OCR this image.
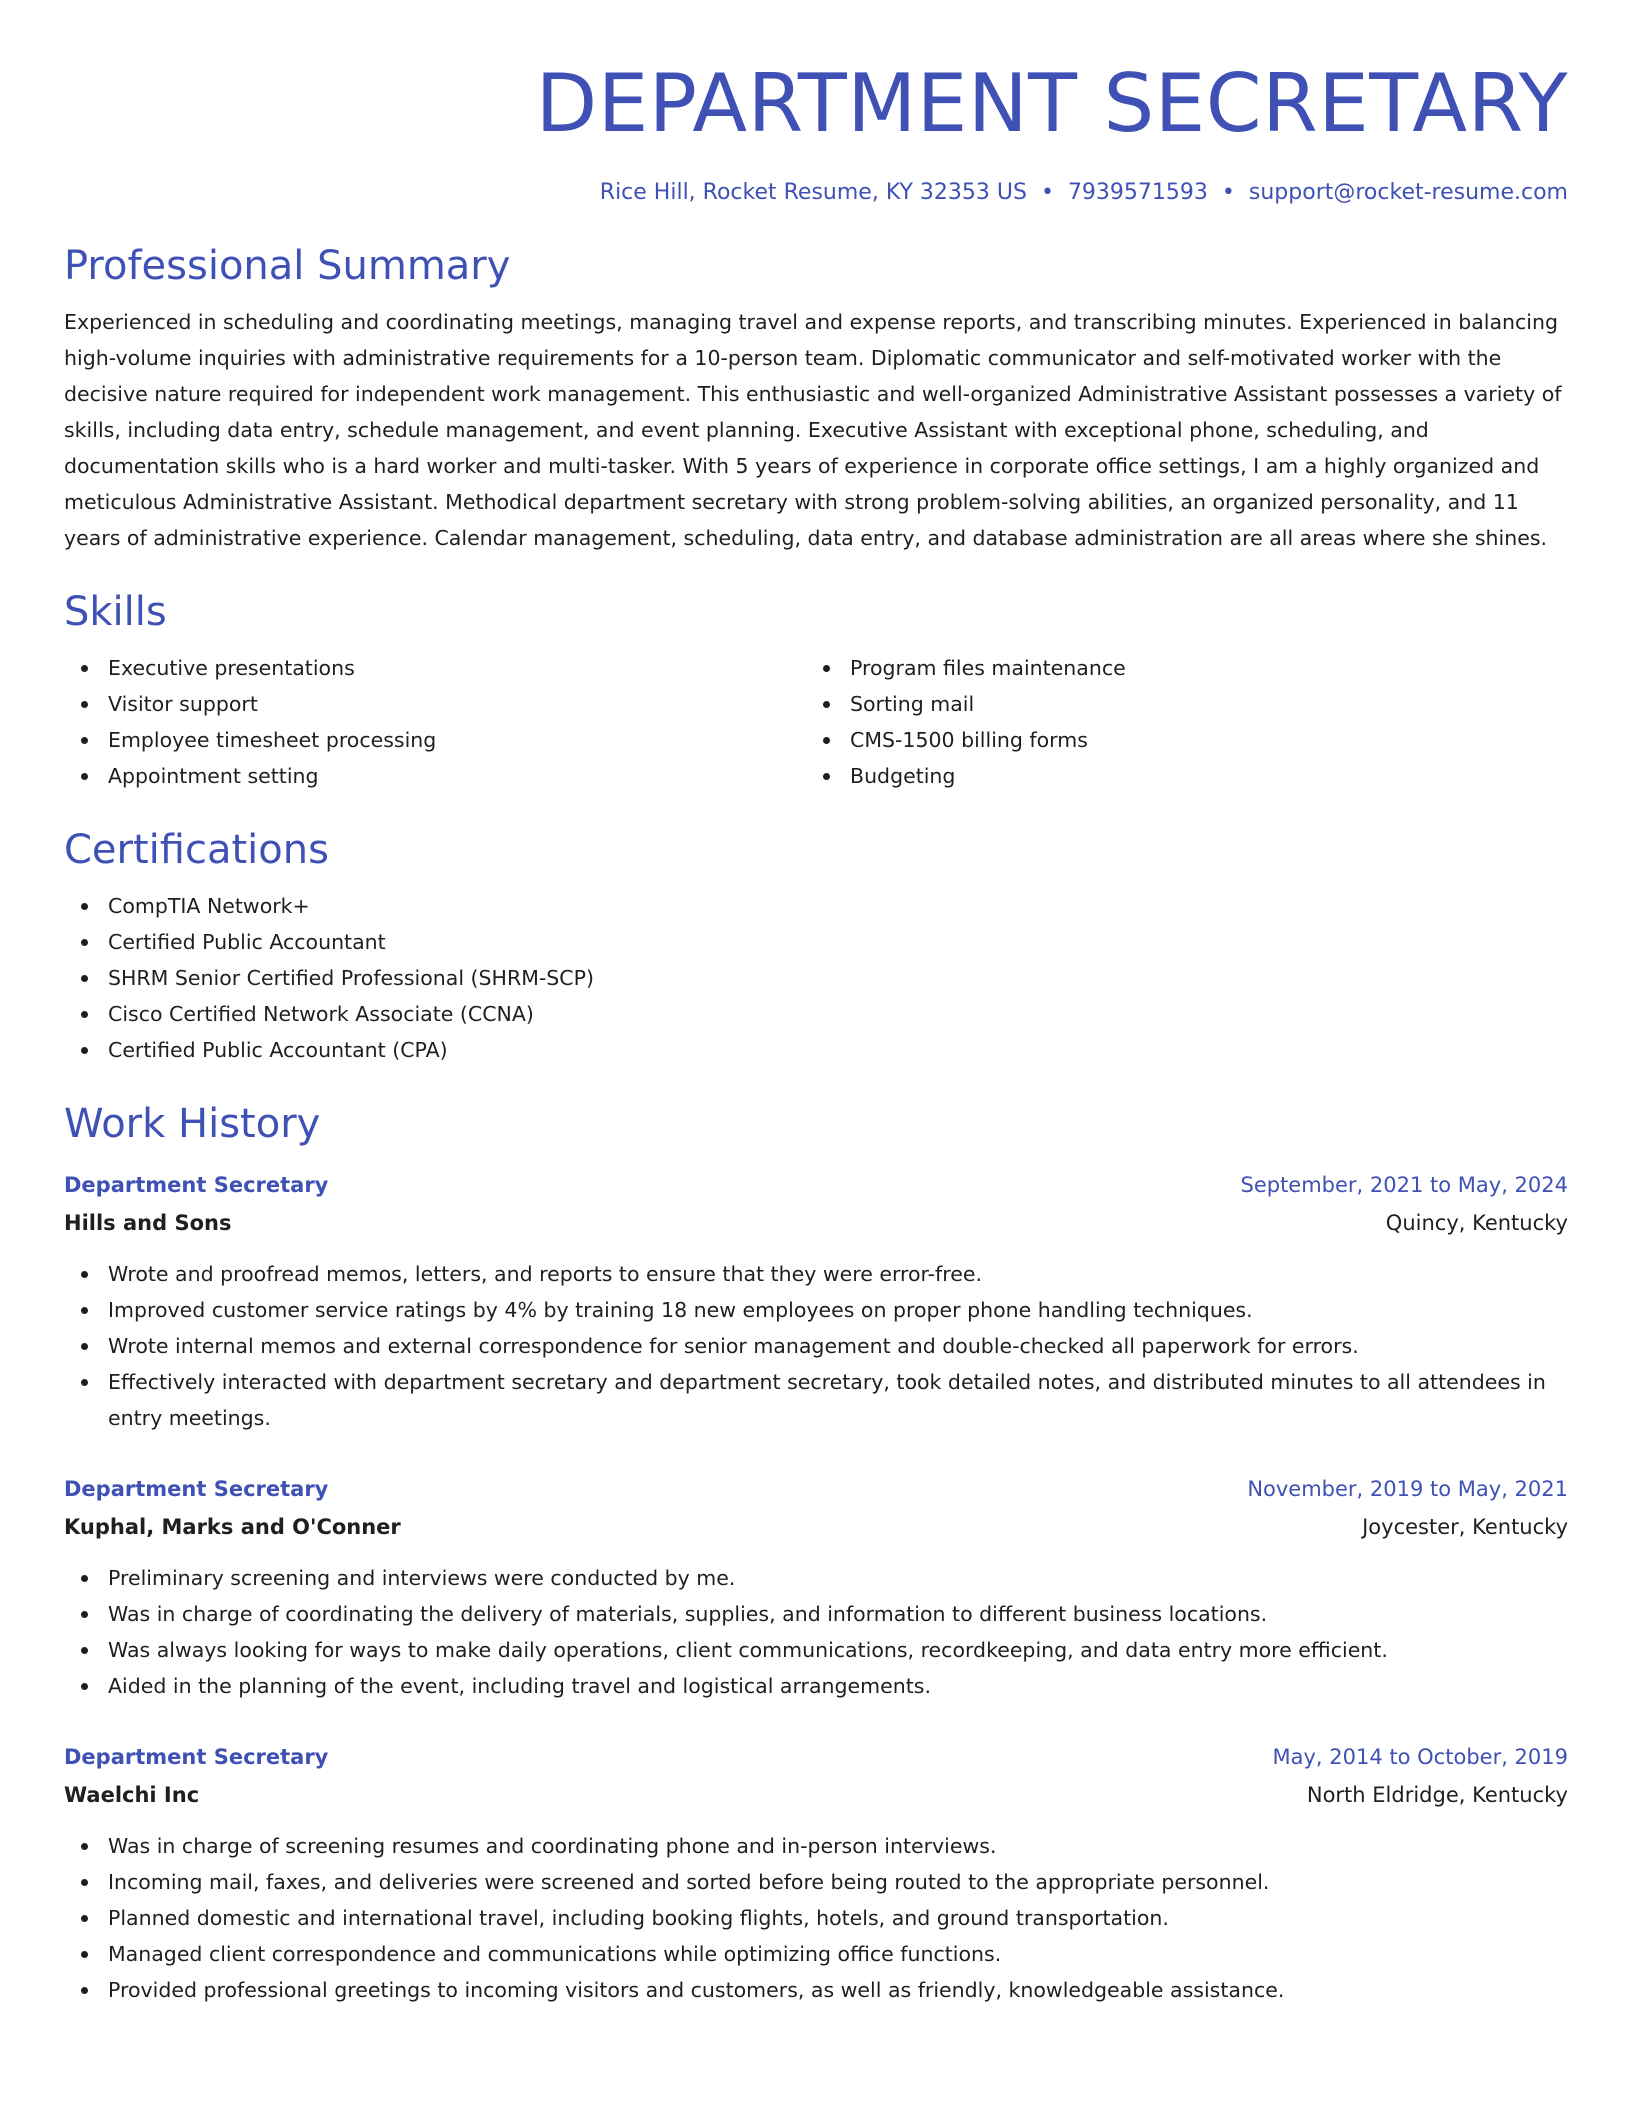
DEPARTMENT SECRETARY
Rice Hill, Rocket Resume, KY 32353 US • 7939571593 • support@rocket-resume.com
Professional Summary

Experienced in scheduling and coordinating meetings, managing travel and expense reports, and transcribing minutes. Experienced in balancing high-volume inquiries with administrative requirements for a 10-person team. Diplomatic communicator and self-motivated worker with the decisive nature required for independent work management. This enthusiastic and well-organized Administrative Assistant possesses a variety of skills, including data entry, schedule management, and event planning. Executive Assistant with exceptional phone, scheduling, and documentation skills who is a hard worker and multi-tasker. With 5 years of experience in corporate office settings, I am a highly organized and meticulous Administrative Assistant. Methodical department secretary with strong problem-solving abilities, an organized personality, and 11 years of administrative experience. Calendar management, scheduling, data entry, and database administration are all areas where she shines.

Skills
Executive presentations
Visitor support
Employee timesheet processing
Appointment setting
Program files maintenance
Sorting mail
CMS-1500 billing forms
Budgeting
Certifications
CompTIA Network+
Certified Public Accountant
SHRM Senior Certified Professional (SHRM-SCP)
Cisco Certified Network Associate (CCNA)
Certified Public Accountant (CPA)
Work History
Department Secretary	September, 2021 to May, 2024
Hills and Sons	Quincy, Kentucky
Wrote and proofread memos, letters, and reports to ensure that they were error-free.
Improved customer service ratings by 4% by training 18 new employees on proper phone handling techniques.
Wrote internal memos and external correspondence for senior management and double-checked all paperwork for errors.
Effectively interacted with department secretary and department secretary, took detailed notes, and distributed minutes to all attendees in entry meetings.
Department Secretary	November, 2019 to May, 2021
Kuphal, Marks and O'Conner	Joycester, Kentucky
Preliminary screening and interviews were conducted by me.
Was in charge of coordinating the delivery of materials, supplies, and information to different business locations.
Was always looking for ways to make daily operations, client communications, recordkeeping, and data entry more efficient.
Aided in the planning of the event, including travel and logistical arrangements.
Department Secretary	May, 2014 to October, 2019
Waelchi Inc	North Eldridge, Kentucky
Was in charge of screening resumes and coordinating phone and in-person interviews.
Incoming mail, faxes, and deliveries were screened and sorted before being routed to the appropriate personnel.
Planned domestic and international travel, including booking flights, hotels, and ground transportation.
Managed client correspondence and communications while optimizing office functions.
Provided professional greetings to incoming visitors and customers, as well as friendly, knowledgeable assistance.
